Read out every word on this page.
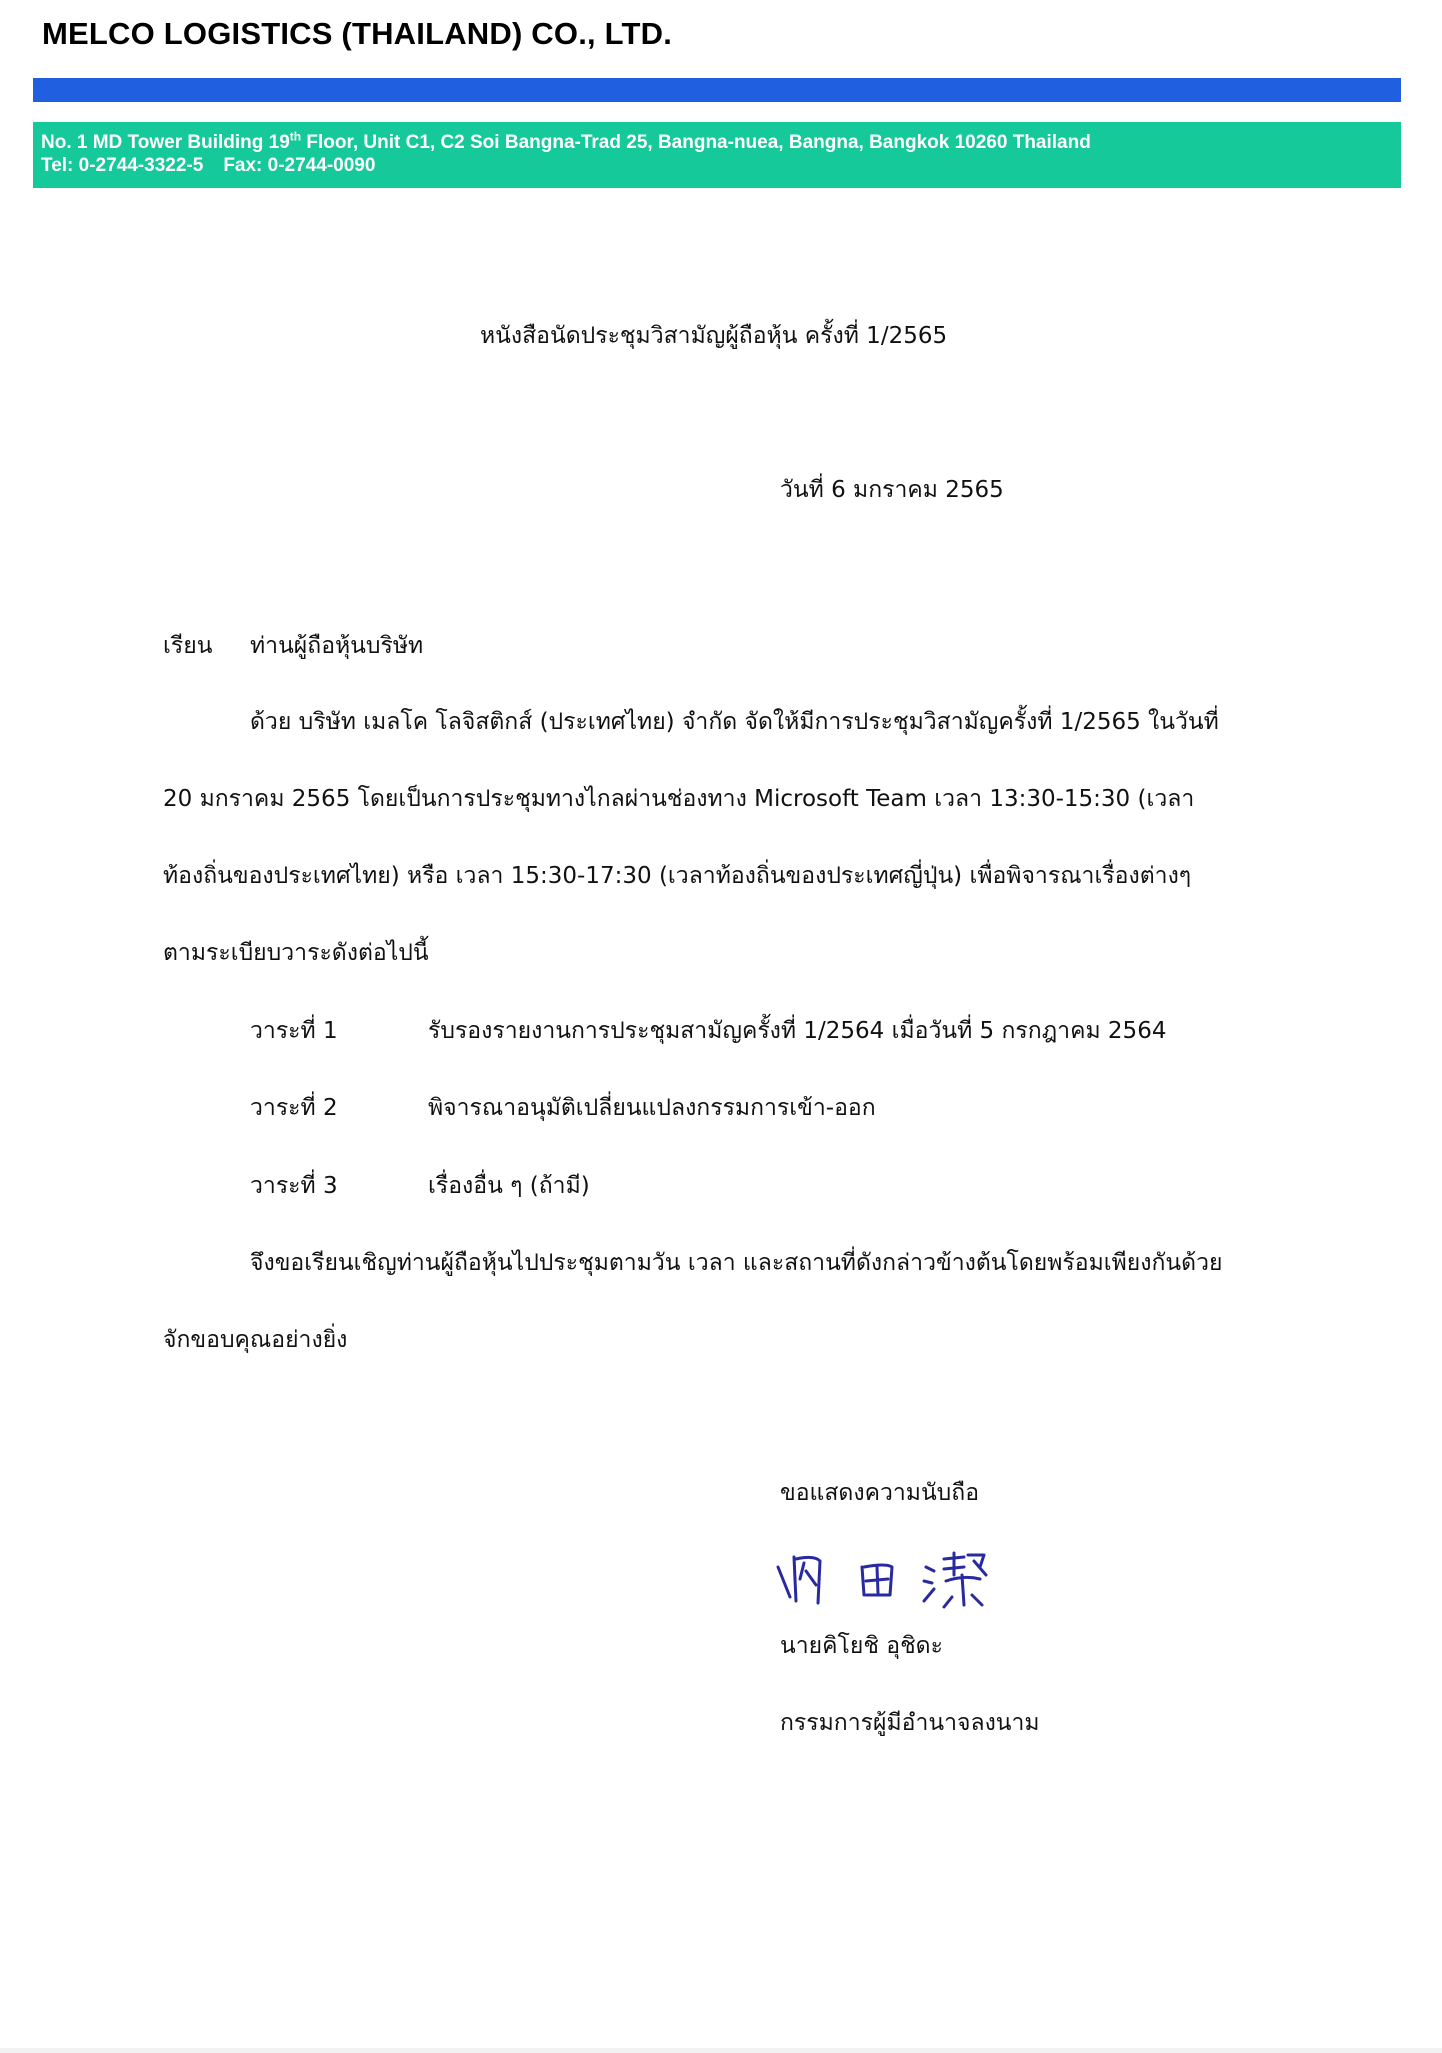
MELCO LOGISTICS (THAILAND) CO., LTD.
No. 1 MD Tower Building 19th Floor, Unit C1, C2 Soi Bangna-Trad 25, Bangna-nuea, Bangna, Bangkok 10260 Thailand
Tel: 0-2744-3322-5 Fax: 0-2744-0090
หนังสือนัดประชุมวิสามัญผู้ถือหุ้น ครั้งที่ 1/2565
วันที่ 6 มกราคม 2565
เรียน ท่านผู้ถือหุ้นบริษัท
ด้วย บริษัท เมลโค โลจิสติกส์ (ประเทศไทย) จำกัด จัดให้มีการประชุมวิสามัญครั้งที่ 1/2565 ในวันที่
20 มกราคม 2565 โดยเป็นการประชุมทางไกลผ่านช่องทาง Microsoft Team เวลา 13:30-15:30 (เวลา
ท้องถิ่นของประเทศไทย) หรือ เวลา 15:30-17:30 (เวลาท้องถิ่นของประเทศญี่ปุ่น) เพื่อพิจารณาเรื่องต่างๆ
ตามระเบียบวาระดังต่อไปนี้
วาระที่ 1	รับรองรายงานการประชุมสามัญครั้งที่ 1/2564 เมื่อวันที่ 5 กรกฎาคม 2564
วาระที่ 2	พิจารณาอนุมัติเปลี่ยนแปลงกรรมการเข้า-ออก
วาระที่ 3	เรื่องอื่น ๆ (ถ้ามี)
จึงขอเรียนเชิญท่านผู้ถือหุ้นไปประชุมตามวัน เวลา และสถานที่ดังกล่าวข้างต้นโดยพร้อมเพียงกันด้วย
จักขอบคุณอย่างยิ่ง
ขอแสดงความนับถือ
นายคิโยชิ อุชิดะ
กรรมการผู้มีอำนาจลงนาม
